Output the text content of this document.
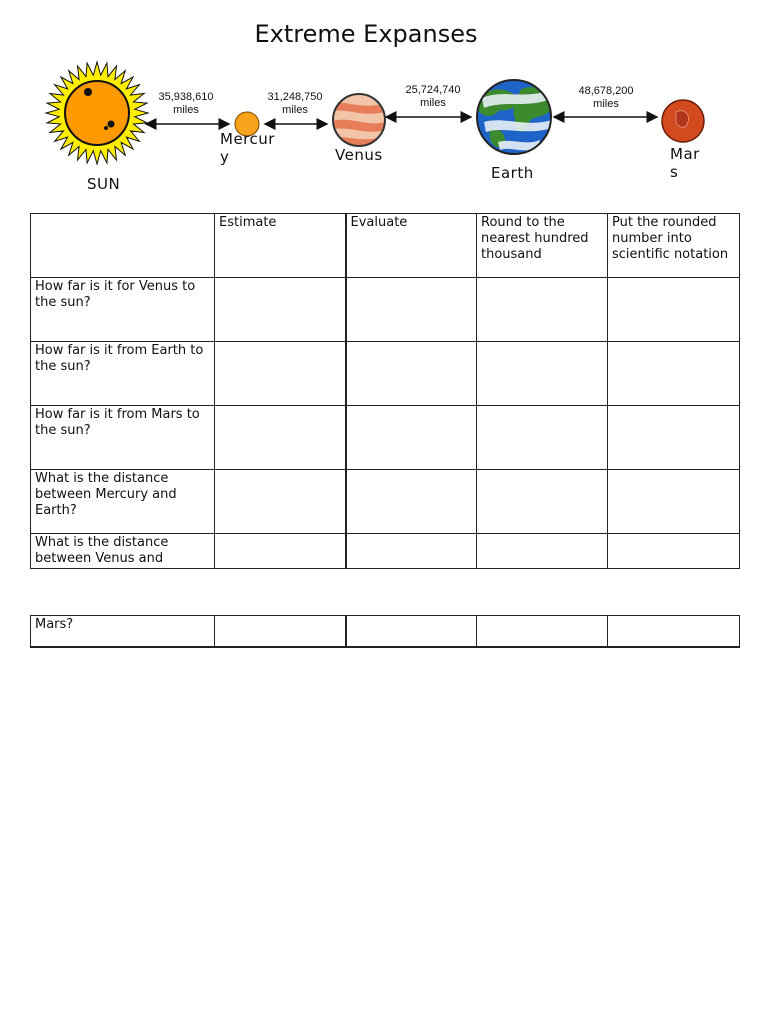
Extreme Expanses
35,938,610
miles
31,248,750
miles
25,724,740
miles
48,678,200
miles
SUN
Mercur
y	Venus
Earth
Mar
s
	Estimate	Evaluate	Round to the nearest hundred thousand	Put the rounded number into scientific notation
How far is it for Venus to the sun?				
How far is it from Earth to the sun?				
How far is it from Mars to the sun?				
What is the distance between Mercury and Earth?				
What is the distance between Venus and				
Mars?				
